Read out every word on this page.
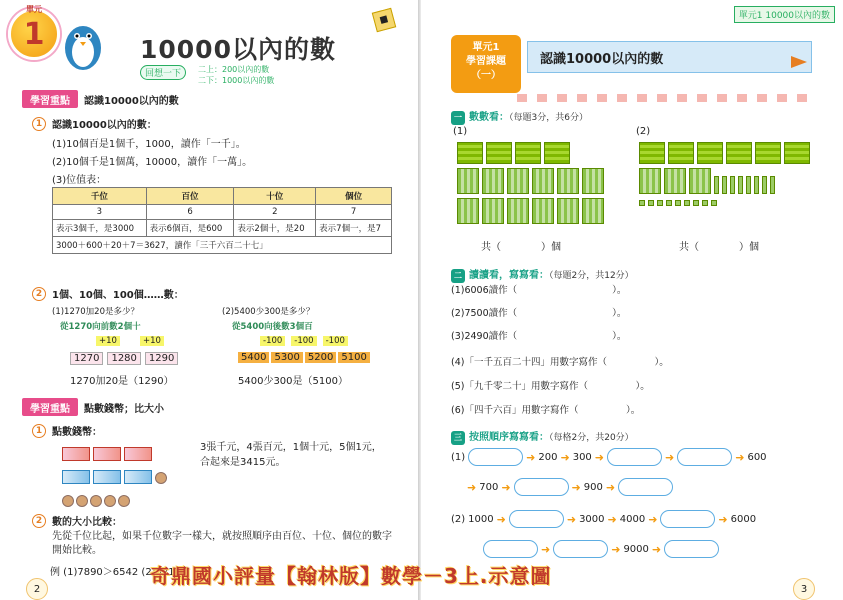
1
單元
10000以內的數
■
回想一下	二上：200以內的數
二下：1000以內的數
學習重點	認識10000以內的數
1 認識10000以內的數：
(1)10個百是1個千，1000，讀作「一千」。
(2)10個千是1個萬，10000，讀作「一萬」。
(3)位值表：
千位	百位	十位	個位
3	6	2	7
表示3個千，是3000	表示6個百，是600	表示2個十，是20	表示7個一，是7
3000＋600＋20＋7＝3627，讀作「三千六百二十七」			
2 1個、10個、100個……數：
(1)1270加20是多少？
從1270向前數2個十
+10	+10
1270	1280	1290
1270加20是（1290）
(2)5400少300是多少？
從5400向後數3個百
-100	-100	-100
5400 5300 5200 5100
5400少300是（5100）
學習重點	點數錢幣；比大小
1 點數錢幣：
3張千元，4張百元，1個十元，5個1元，合起來是3415元。
2 數的大小比較：
先從千位比起，如果千位數字一樣大，就按照順序由百位、十位、個位的數字開始比較。
例 (1)7890＞6542 (2)3219
2
單元1 10000以內的數
單元1
學習課題
（一）
認識10000以內的數
一 數數看：（每題3分，共6分）
(1)	(2)
共（　　　　）個	共（　　　　）個
二 讀讀看，寫寫看：（每題2分，共12分）
(1)6006讀作（　　　　　　　　　　）。
(2)7500讀作（　　　　　　　　　　）。
(3)2490讀作（　　　　　　　　　　）。
(4)「一千五百二十四」用數字寫作（　　　　　）。
(5)「九千零二十」用數字寫作（　　　　　）。
(6)「四千六百」用數字寫作（　　　　　）。
三 按照順序寫寫看：（每格2分，共20分）
(1)	➜ 200 ➜ 300 ➜	➜	➜ 600
➜ 700 ➜	➜ 900 ➜
(2) 1000 ➜	➜ 3000 ➜ 4000 ➜	➜ 6000
➜	➜ 9000 ➜
3
奇鼎國小評量【翰林版】數學－3上.示意圖
